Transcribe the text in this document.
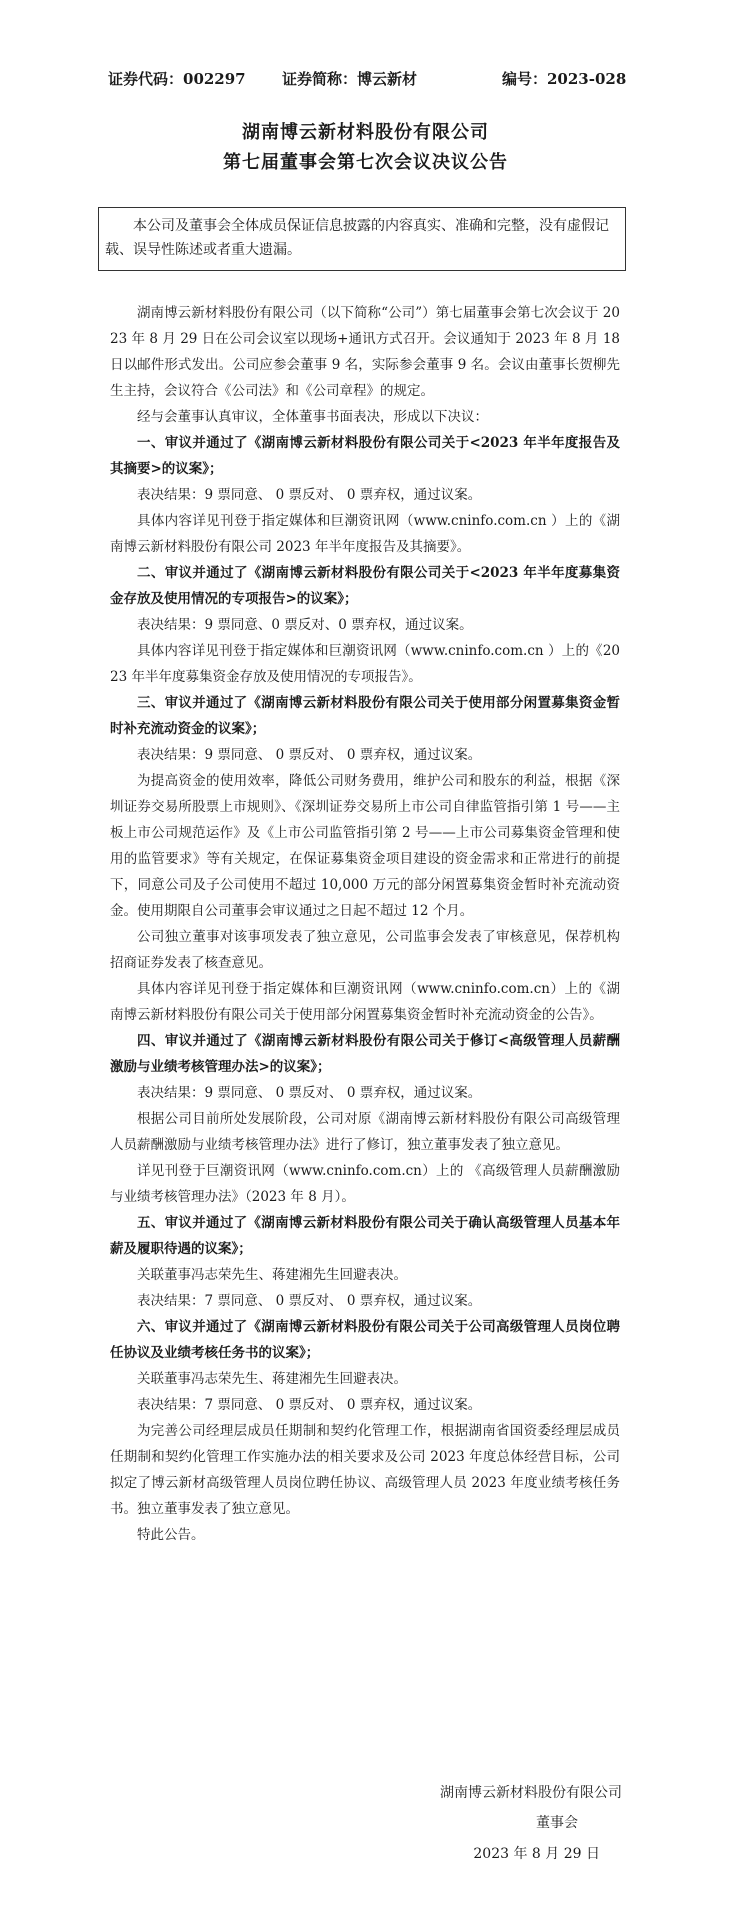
证券代码：002297 证券简称：博云新材	编号：2023-028
湖南博云新材料股份有限公司
第七届董事会第七次会议决议公告

本公司及董事会全体成员保证信息披露的内容真实、准确和完整，没有虚假记载、误导性陈述或者重大遗漏。

湖南博云新材料股份有限公司（以下简称“公司”）第七届董事会第七次会议于 2023 年 8 月 29 日在公司会议室以现场+通讯方式召开。会议通知于 2023 年 8 月 18 日以邮件形式发出。公司应参会董事 9 名，实际参会董事 9 名。会议由董事长贺柳先生主持，会议符合《公司法》和《公司章程》的规定。

经与会董事认真审议，全体董事书面表决，形成以下决议：

一、审议并通过了《湖南博云新材料股份有限公司关于<2023 年半年度报告及其摘要>的议案》；

表决结果：9 票同意、 0 票反对、 0 票弃权，通过议案。

具体内容详见刊登于指定媒体和巨潮资讯网（www.cninfo.com.cn ）上的《湖南博云新材料股份有限公司 2023 年半年度报告及其摘要》。

二、审议并通过了《湖南博云新材料股份有限公司关于<2023 年半年度募集资金存放及使用情况的专项报告>的议案》；

表决结果：9 票同意、0 票反对、0 票弃权，通过议案。

具体内容详见刊登于指定媒体和巨潮资讯网（www.cninfo.com.cn ）上的《2023 年半年度募集资金存放及使用情况的专项报告》。

三、审议并通过了《湖南博云新材料股份有限公司关于使用部分闲置募集资金暂时补充流动资金的议案》；

表决结果：9 票同意、 0 票反对、 0 票弃权，通过议案。

为提高资金的使用效率，降低公司财务费用，维护公司和股东的利益，根据《深圳证券交易所股票上市规则》、《深圳证券交易所上市公司自律监管指引第 1 号——主板上市公司规范运作》及《上市公司监管指引第 2 号——上市公司募集资金管理和使用的监管要求》等有关规定，在保证募集资金项目建设的资金需求和正常进行的前提下，同意公司及子公司使用不超过 10,000 万元的部分闲置募集资金暂时补充流动资金。使用期限自公司董事会审议通过之日起不超过 12 个月。

公司独立董事对该事项发表了独立意见，公司监事会发表了审核意见，保荐机构招商证券发表了核查意见。

具体内容详见刊登于指定媒体和巨潮资讯网（www.cninfo.com.cn）上的《湖南博云新材料股份有限公司关于使用部分闲置募集资金暂时补充流动资金的公告》。

四、审议并通过了《湖南博云新材料股份有限公司关于修订<高级管理人员薪酬激励与业绩考核管理办法>的议案》；

表决结果：9 票同意、 0 票反对、 0 票弃权，通过议案。

根据公司目前所处发展阶段，公司对原《湖南博云新材料股份有限公司高级管理人员薪酬激励与业绩考核管理办法》进行了修订，独立董事发表了独立意见。

详见刊登于巨潮资讯网（www.cninfo.com.cn）上的 《高级管理人员薪酬激励与业绩考核管理办法》（2023 年 8 月）。

五、审议并通过了《湖南博云新材料股份有限公司关于确认高级管理人员基本年薪及履职待遇的议案》；

关联董事冯志荣先生、蒋建湘先生回避表决。

表决结果：7 票同意、 0 票反对、 0 票弃权，通过议案。

六、审议并通过了《湖南博云新材料股份有限公司关于公司高级管理人员岗位聘任协议及业绩考核任务书的议案》；

关联董事冯志荣先生、蒋建湘先生回避表决。

表决结果：7 票同意、 0 票反对、 0 票弃权，通过议案。

为完善公司经理层成员任期制和契约化管理工作，根据湖南省国资委经理层成员任期制和契约化管理工作实施办法的相关要求及公司 2023 年度总体经营目标，公司拟定了博云新材高级管理人员岗位聘任协议、高级管理人员 2023 年度业绩考核任务书。独立董事发表了独立意见。

特此公告。

湖南博云新材料股份有限公司
董事会
2023 年 8 月 29 日
